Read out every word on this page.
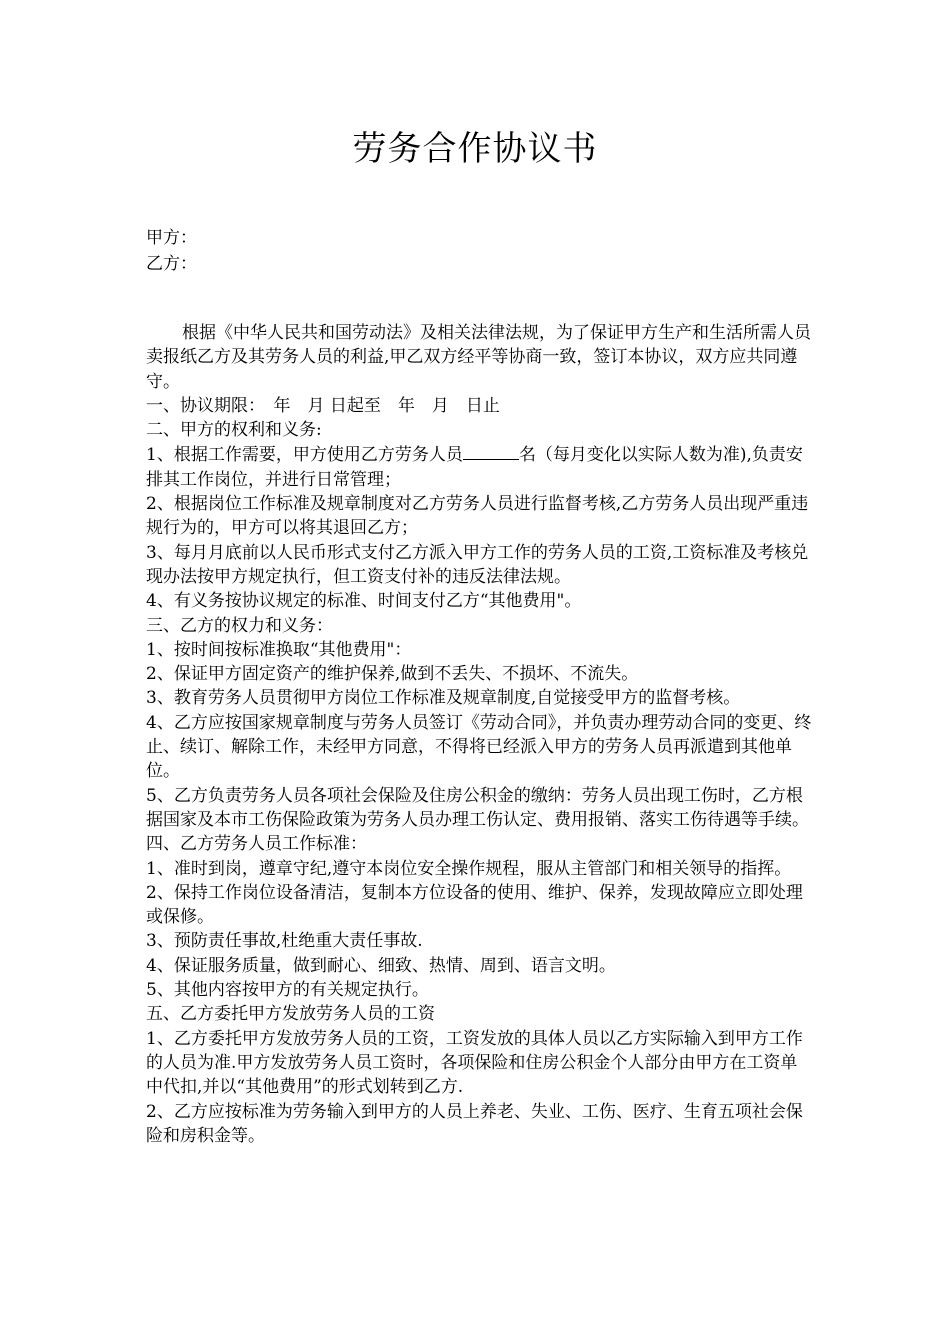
劳务合作协议书
甲方：
乙方：

根据《中华人民共和国劳动法》及相关法律法规，为了保证甲方生产和生活所需人员卖报纸乙方及其劳务人员的利益,甲乙双方经平等协商一致，签订本协议，双方应共同遵守。

一、协议期限：　年　月 日起至　年　月　日止

二、甲方的权利和义务:

1、根据工作需要，甲方使用乙方劳务人员	名（每月变化以实际人数为准),负责安排其工作岗位，并进行日常管理；

2、根据岗位工作标准及规章制度对乙方劳务人员进行监督考核,乙方劳务人员出现严重违规行为的，甲方可以将其退回乙方；

3、每月月底前以人民币形式支付乙方派入甲方工作的劳务人员的工资,工资标准及考核兑现办法按甲方规定执行，但工资支付补的违反法律法规。

4、有义务按协议规定的标准、时间支付乙方“其他费用"。

三、乙方的权力和义务：

1、按时间按标准换取“其他费用"：

2、保证甲方固定资产的维护保养,做到不丢失、不损坏、不流失。

3、教育劳务人员贯彻甲方岗位工作标准及规章制度,自觉接受甲方的监督考核。

4、乙方应按国家规章制度与劳务人员签订《劳动合同》，并负责办理劳动合同的变更、终止、续订、解除工作，未经甲方同意，不得将已经派入甲方的劳务人员再派遣到其他单位。

5、乙方负责劳务人员各项社会保险及住房公积金的缴纳：劳务人员出现工伤时，乙方根据国家及本市工伤保险政策为劳务人员办理工伤认定、费用报销、落实工伤待遇等手续。

四、乙方劳务人员工作标准：

1、准时到岗，遵章守纪,遵守本岗位安全操作规程，服从主管部门和相关领导的指挥。

2、保持工作岗位设备清洁，复制本方位设备的使用、维护、保养，发现故障应立即处理或保修。

3、预防责任事故,杜绝重大责任事故.

4、保证服务质量，做到耐心、细致、热情、周到、语言文明。

5、其他内容按甲方的有关规定执行。

五、乙方委托甲方发放劳务人员的工资

1、乙方委托甲方发放劳务人员的工资，工资发放的具体人员以乙方实际输入到甲方工作的人员为准.甲方发放劳务人员工资时，各项保险和住房公积金个人部分由甲方在工资单中代扣,并以“其他费用”的形式划转到乙方.

2、乙方应按标准为劳务输入到甲方的人员上养老、失业、工伤、医疗、生育五项社会保险和房积金等。
